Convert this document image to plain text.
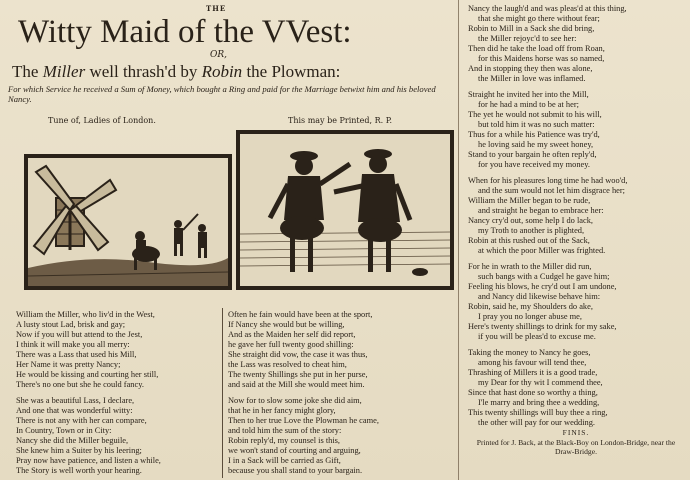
THE
Witty Maid of the VVest:
OR,
The Miller well thrash'd by Robin the Plowman:
For which Service he received a Sum of Money, which bought a Ring and paid for the Marriage betwixt him and his beloved Nancy.
Tune of, Ladies of London.	This may be Printed, R. P.
William the Miller, who liv'd in the West,
A lusty stout Lad, brisk and gay;
Now if you will but attend to the Jest,
I think it will make you all merry:
There was a Lass that used his Mill,
Her Name it was pretty Nancy;
He would be kissing and courting her still,
There's no one but she he could fancy.
She was a beautiful Lass, I declare,
And one that was wonderful witty:
There is not any with her can compare,
In Country, Town or in City:
Nancy she did the Miller beguile,
She knew him a Suiter by his leering;
Pray now have patience, and listen a while,
The Story is well worth your hearing.
Often he fain would have been at the sport,
If Nancy she would but be willing,
And as the Maiden her self did report,
he gave her full twenty good shilling:
She straight did vow, the case it was thus,
the Lass was resolved to cheat him,
The twenty Shillings she put in her purse,
and said at the Mill she would meet him.
Now for to slow some joke she did aim,
that he in her fancy might glory,
Then to her true Love the Plowman he came,
and told him the sum of the story:
Robin reply'd, my counsel is this,
we won't stand of courting and arguing,
I in a Sack will be carried as Gift,
because you shall stand to your bargain.
Nancy the laugh'd and was pleas'd at this thing,
that she might go there without fear;
Robin to Mill in a Sack she did bring,
the Miller rejoyc'd to see her:
Then did he take the load off from Roan,
for this Maidens horse was so named,
And in stopping they then was alone,
the Miller in love was inflamed.
Straight he invited her into the Mill,
for he had a mind to be at her;
The yet he would not submit to his will,
but told him it was no such matter:
Thus for a while his Patience was try'd,
he loving said he my sweet honey,
Stand to your bargain he often reply'd,
for you have received my money.
When for his pleasures long time he had woo'd,
and the sum would not let him disgrace her;
William the Miller began to be rude,
and straight he began to embrace her:
Nancy cry'd out, some help I do lack,
my Troth to another is plighted,
Robin at this rushed out of the Sack,
at which the poor Miller was frighted.
For he in wrath to the Miller did run,
such bangs with a Cudgel he gave him;
Feeling his blows, he cry'd out I am undone,
and Nancy did likewise behave him:
Robin, said he, my Shoulders do ake,
I pray you no longer abuse me,
Here's twenty shillings to drink for my sake,
if you will be pleas'd to excuse me.
Taking the money to Nancy he goes,
among his favour will tend thee,
Thrashing of Millers it is a good trade,
my Dear for thy wit I commend thee,
Since that hast done so worthy a thing,
I'le marry and bring thee a wedding,
This twenty shillings will buy thee a ring,
the other will pay for our wedding.
FINIS.
Printed for J. Back, at the Black-Boy on London-Bridge, near the Draw-Bridge.
